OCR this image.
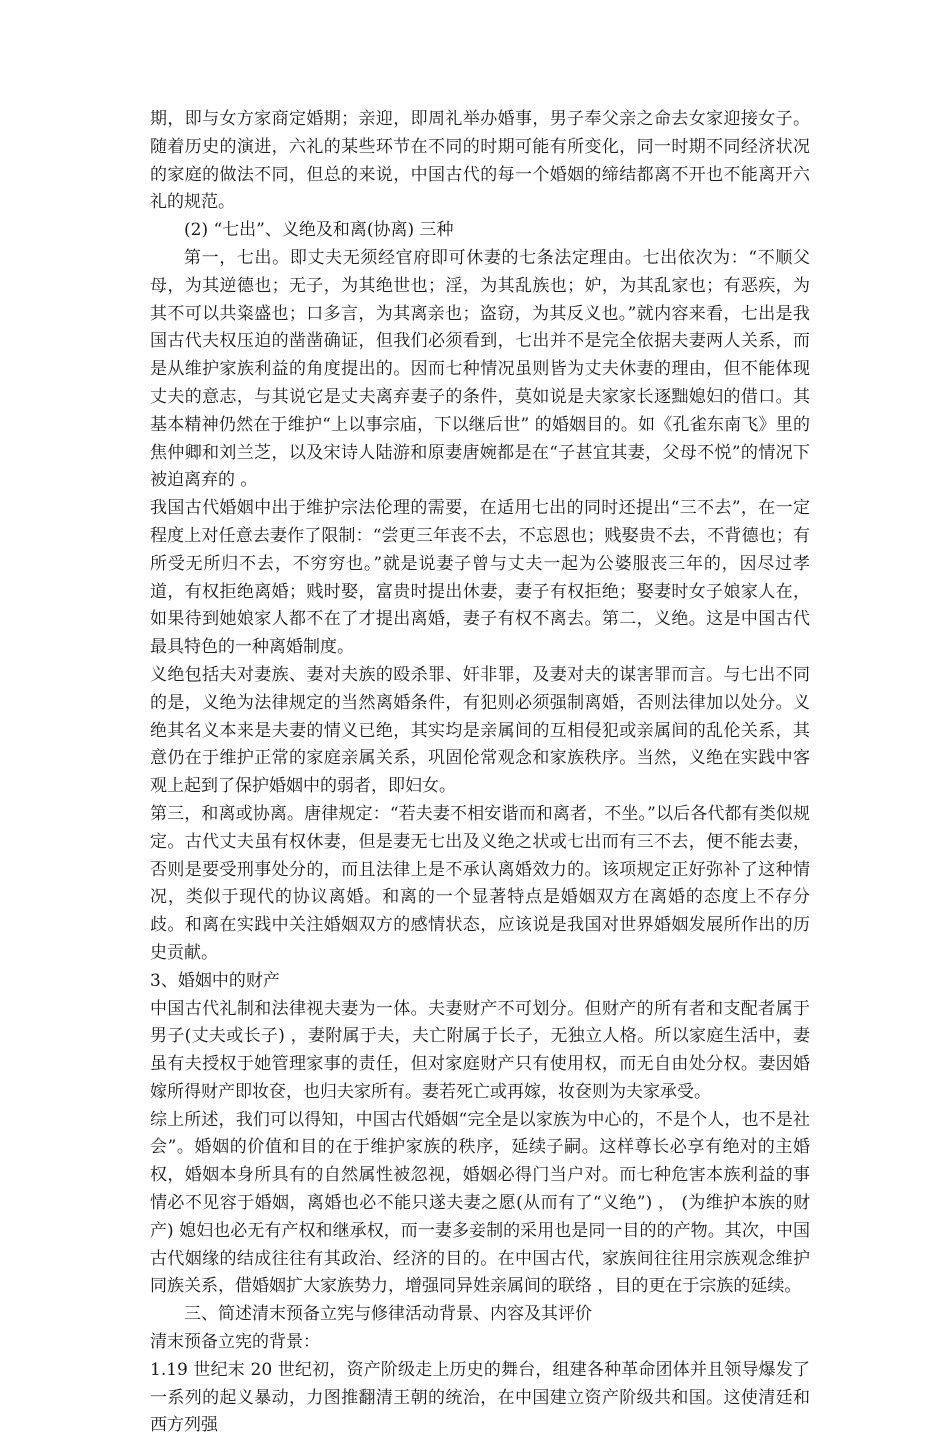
期，即与女方家商定婚期；亲迎，即周礼举办婚事，男子奉父亲之命去女家迎接女子。随着历史的演进，六礼的某些环节在不同的时期可能有所变化，同一时期不同经济状况的家庭的做法不同，但总的来说，中国古代的每一个婚姻的缔结都离不开也不能离开六礼的规范。

(2) “七出”、义绝及和离(协离) 三种

第一，七出。即丈夫无须经官府即可休妻的七条法定理由。七出依次为：“不顺父母，为其逆德也；无子，为其绝世也；淫，为其乱族也；妒，为其乱家也；有恶疾，为其不可以共粢盛也；口多言，为其离亲也；盗窃，为其反义也。”就内容来看，七出是我国古代夫权压迫的凿凿确证，但我们必须看到，七出并不是完全依据夫妻两人关系，而是从维护家族利益的角度提出的。因而七种情况虽则皆为丈夫休妻的理由，但不能体现丈夫的意志，与其说它是丈夫离弃妻子的条件，莫如说是夫家家长逐黜媳妇的借口。其基本精神仍然在于维护“上以事宗庙，下以继后世” 的婚姻目的。如《孔雀东南飞》里的焦仲卿和刘兰芝，以及宋诗人陆游和原妻唐婉都是在“子甚宜其妻，父母不悦”的情况下被迫离弃的 。

我国古代婚姻中出于维护宗法伦理的需要，在适用七出的同时还提出“三不去”，在一定程度上对任意去妻作了限制：“尝更三年丧不去，不忘恩也；贱娶贵不去，不背德也；有所受无所归不去，不穷穷也。”就是说妻子曾与丈夫一起为公婆服丧三年的，因尽过孝道，有权拒绝离婚；贱时娶，富贵时提出休妻，妻子有权拒绝；娶妻时女子娘家人在，如果待到她娘家人都不在了才提出离婚，妻子有权不离去。第二，义绝。这是中国古代最具特色的一种离婚制度。

义绝包括夫对妻族、妻对夫族的殴杀罪、奸非罪，及妻对夫的谋害罪而言。与七出不同的是，义绝为法律规定的当然离婚条件，有犯则必须强制离婚，否则法律加以处分。义绝其名义本来是夫妻的情义已绝，其实均是亲属间的互相侵犯或亲属间的乱伦关系，其意仍在于维护正常的家庭亲属关系，巩固伦常观念和家族秩序。当然，义绝在实践中客观上起到了保护婚姻中的弱者，即妇女。

第三，和离或协离。唐律规定：“若夫妻不相安谐而和离者，不坐。”以后各代都有类似规定。古代丈夫虽有权休妻，但是妻无七出及义绝之状或七出而有三不去，便不能去妻，否则是要受刑事处分的，而且法律上是不承认离婚效力的。该项规定正好弥补了这种情况，类似于现代的协议离婚。和离的一个显著特点是婚姻双方在离婚的态度上不存分歧。和离在实践中关注婚姻双方的感情状态，应该说是我国对世界婚姻发展所作出的历史贡献。

3、婚姻中的财产

中国古代礼制和法律视夫妻为一体。夫妻财产不可划分。但财产的所有者和支配者属于男子(丈夫或长子) ，妻附属于夫，夫亡附属于长子，无独立人格。所以家庭生活中，妻虽有夫授权于她管理家事的责任，但对家庭财产只有使用权，而无自由处分权。妻因婚嫁所得财产即妆奁，也归夫家所有。妻若死亡或再嫁，妆奁则为夫家承受。

综上所述，我们可以得知，中国古代婚姻“完全是以家族为中心的，不是个人，也不是社会”。婚姻的价值和目的在于维护家族的秩序，延续子嗣。这样尊长必享有绝对的主婚权，婚姻本身所具有的自然属性被忽视，婚姻必得门当户对。而七种危害本族利益的事情必不见容于婚姻，离婚也必不能只遂夫妻之愿(从而有了“义绝”) ， (为维护本族的财产) 媳妇也必无有产权和继承权，而一妻多妾制的采用也是同一目的的产物。其次，中国古代姻缘的结成往往有其政治、经济的目的。在中国古代，家族间往往用宗族观念维护同族关系，借婚姻扩大家族势力，增强同异姓亲属间的联络 ，目的更在于宗族的延续。

三、简述清末预备立宪与修律活动背景、内容及其评价

清末预备立宪的背景：

1.19 世纪末 20 世纪初，资产阶级走上历史的舞台，组建各种革命团体并且领导爆发了一系列的起义暴动，力图推翻清王朝的统治，在中国建立资产阶级共和国。这使清廷和西方列强
